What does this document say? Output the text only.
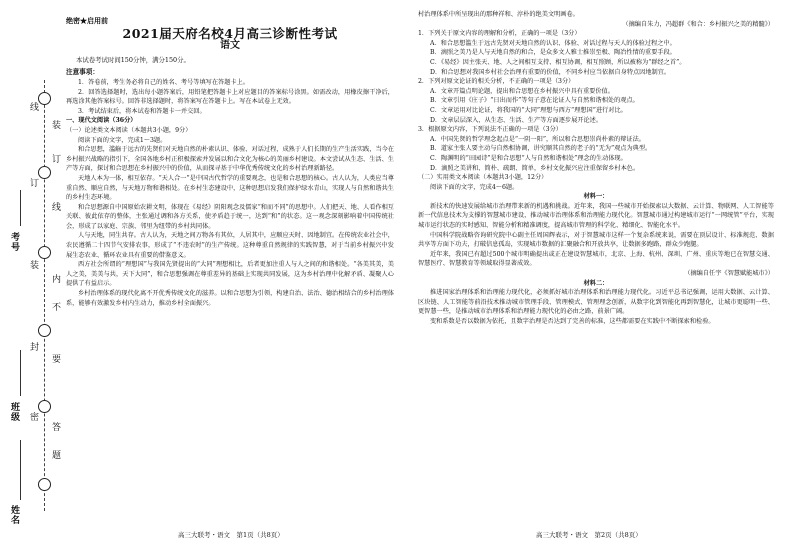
考号
班级
姓名
装
订
线
内
不
要
答
题
线
订
装
封
密
绝密★启用前
2021届天府名校4月高三诊断性考试
语文
本试卷考试时间150分钟，满分150分。
注意事项：

1．答卷前，考生务必将自己的姓名、考号等填写在答题卡上。

2．回答选择题时，选出每小题答案后，用铅笔把答题卡上对应题目的答案标号涂黑。如需改动，用橡皮擦干净后，再选涂其他答案标号。回答非选择题时，将答案写在答题卡上。写在本试卷上无效。

3．考试结束后，将本试卷和答题卡一并交回。

一、现代文阅读（36分）
（一）论述类文本阅读（本题共3小题，9分）

阅读下面的文字，完成1～3题。

和合思想，滥觞于远古的先贤们对天地自然的朴素认识、体验、对话过程，成熟于人们长期的生产生活实践，当今在乡村振兴战略的指引下，全国各地乡村正积极探索并发展以和合文化为核心的美丽乡村建设。本文尝试从生态、生活、生产等方面，探讨和合思想在乡村振兴中的价值，从而探寻基于中华优秀传统文化的乡村治理新路径。

天地人本为一体，相互依存。“天人合一”是中国古代哲学的重要观念，也是和合思想的核心。古人认为，人类应当尊重自然、顺应自然，与天地万物和谐相处。在乡村生态建设中，这种思想启发我们保护绿水青山，实现人与自然和谐共生的乡村生态环境。

和合思想源自中国原始农耕文明，体现在《易经》阴阳观念及儒家“和而不同”的思想中。人们把天、地、人看作相互关联、彼此依存的整体，主张通过调和各方关系，使矛盾趋于统一，达到“和”的状态。这一观念深刻影响着中国传统社会，形成了以家庭、宗族、邻里为纽带的乡村共同体。

人与天地，同生共存。古人认为，天地之间万物各有其位，人居其中，应顺应天时、因地制宜。在传统农业社会中，农民遵循二十四节气安排农事，形成了“不违农时”的生产传统。这种尊重自然规律的实践智慧，对于当前乡村振兴中发展生态农业、循环农业具有重要的借鉴意义。

西方社会所谓的“理想国”与我国先贤提出的“大同”理想相比，后者更加注重人与人之间的和谐相处。“各美其美，美人之美，美美与共，天下大同”，和合思想强调在尊重差异的基础上实现共同发展，这为乡村治理中化解矛盾、凝聚人心提供了有益启示。

乡村治理体系的现代化离不开优秀传统文化的滋养。以和合思想为引领，构建自治、法治、德治相结合的乡村治理体系，能够有效激发乡村内生动力，推动乡村全面振兴。

村治理体系中所呈现出的那种祥和、淳朴的绝美文明画卷。
（摘编自朱力，冯超群《和合：乡村振兴之美的精髓》）
1．下列关于原文内容的理解和分析，正确的一项是（3分）

A．和合思想滥生于远古先贤对天地自然的认识、体验、对话过程与天人的体验过程之中。

B．滴照之美乃是人与天地自然的和合，是众多文人雅士推崇至极、陶冶性情的重要手段。

C．《易经》因主张天、地、人之间相互支持、相互协调，相互照顾，所以被称为“群经之首”。

D．和合思想对我国乡村社会治理有重要的价值，不同乡村应当依据自身特点因地制宜。

2．下列对原文论证的相关分析，不正确的一项是（3分）

A．文章开篇点明论题，提出和合思想在乡村振兴中具有重要价值。

B．文章引用《庄子》“日出而作”等句子意在论证人与自然和谐相处的观点。

C．文章运用对比论证，将我国的“大同”理想与西方“理想国”进行对比。

D．文章层层深入，从生态、生活、生产等方面逐步展开论述。

3．根据原文内容，下列说法不正确的一项是（3分）

A．中国先贤的哲学理念起点是“一阴一阳”，所以和合思想崇尚朴素的辩证法。

B．道家主张人要主动与自然相协调，讲究顺其自然的老子的“无为”观点为典型。

C．陶渊明的“田园诗”是和合思想“人与自然和谐相处”理念的生动体现。

D．滴照之美讲和、简朴、疏朗、简单，乡村文化振兴应注重保留乡村本色。

（二）实用类文本阅读（本题共3小题，12分）

阅读下面的文字，完成4～6题。

材料一：

新技术的快速发展给城市治理带来新的机遇和挑战。近年来，我国一些城市开始探索以大数据、云计算、物联网、人工智能等新一代信息技术为支撑的智慧城市建设，推动城市治理体系和治理能力现代化。智慧城市通过构建城市运行“一网统管”平台，实现城市运行状态的实时感知、智能分析和精准调度，提高城市管理的科学化、精细化、智能化水平。

中国科学院战略咨询研究院中心副主任周国辉表示，对于智慧城市这样一个复杂系统来说，需要在顶层设计、标准规范、数据共享等方面下功夫，打破信息孤岛，实现城市数据的汇聚融合和开放共享，让数据多跑路，群众少跑腿。

近年来，我国已有超过500个城市明确提出或正在建设智慧城市，北京、上海、杭州、深圳、广州、重庆等地已在智慧交通、智慧医疗、智慧教育等领域取得显著成效。

（摘编自任宇《智慧赋能城市》）
材料二：

推进国家治理体系和治理能力现代化，必须抓好城市治理体系和治理能力现代化。习近平总书记强调，运用大数据、云计算、区块链、人工智能等前沿技术推动城市管理手段、管理模式、管理理念创新，从数字化到智能化再到智慧化，让城市更聪明一些、更智慧一些，是推动城市治理体系和治理能力现代化的必由之路，前景广阔。

变和系数是否以数据为依托，且数字治理是否达到了完善的标准，这些都需要在实践中不断探索和检验。

高三大联考・语文　第1页（共8页）	高三大联考・语文　第2页（共8页）
